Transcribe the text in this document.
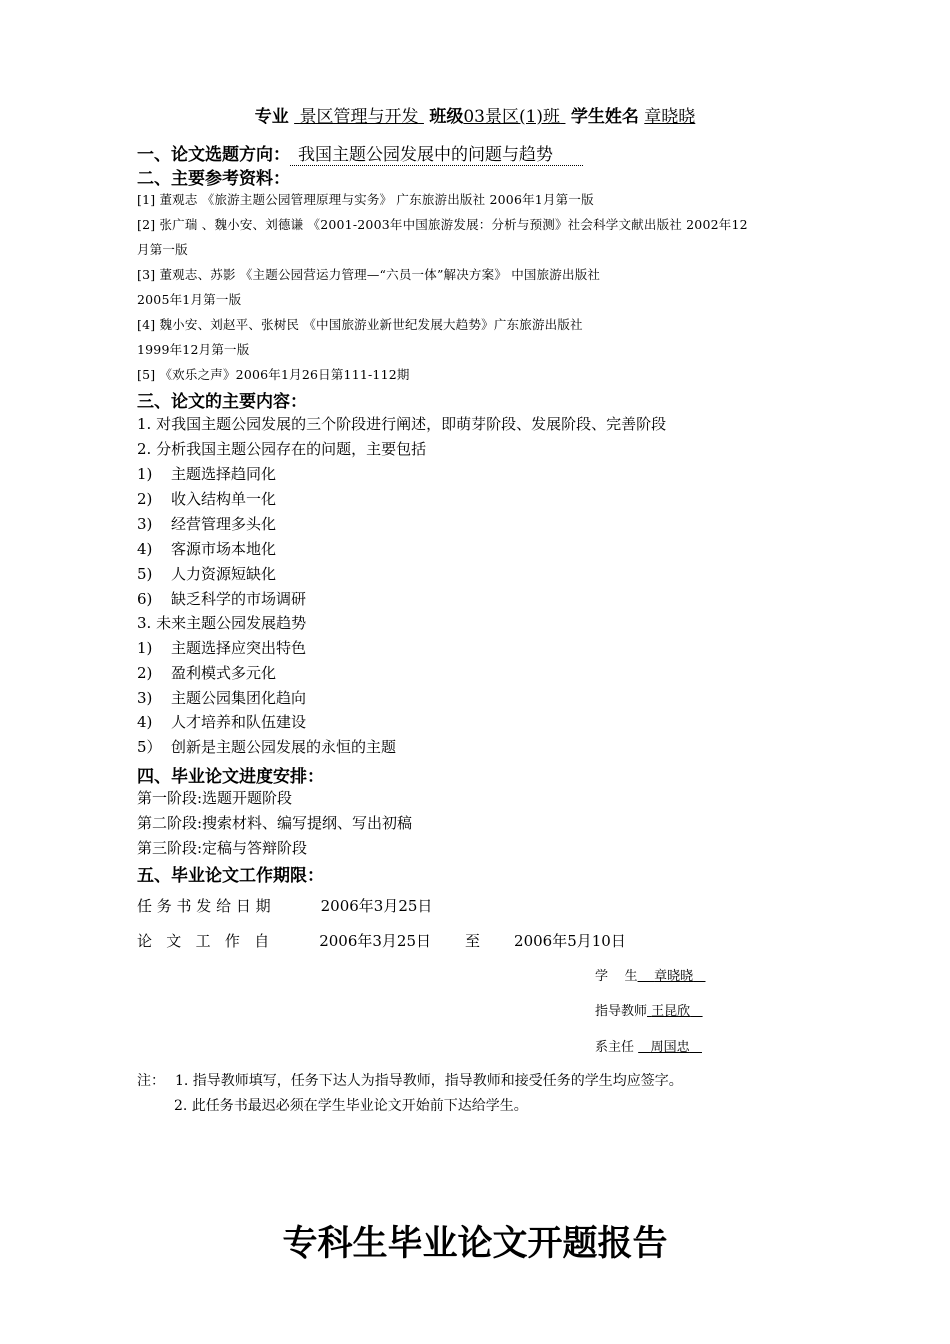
专业 景区管理与开发 班级03景区(1)班 学生姓名 章晓晓
一、论文选题方向： 我国主题公园发展中的问题与趋势
二、主要参考资料：
[1] 董观志 《旅游主题公园管理原理与实务》 广东旅游出版社 2006年1月第一版
[2] 张广瑞 、魏小安、刘德谦 《2001-2003年中国旅游发展：分析与预测》社会科学文献出版社 2002年12
月第一版
[3] 董观志、苏影 《主题公园营运力管理—“六员一体”解决方案》 中国旅游出版社
2005年1月第一版
[4] 魏小安、刘赵平、张树民 《中国旅游业新世纪发展大趋势》广东旅游出版社
1999年12月第一版
[5] 《欢乐之声》2006年1月26日第111-112期
三、论文的主要内容：
1. 对我国主题公园发展的三个阶段进行阐述，即萌芽阶段、发展阶段、完善阶段
2. 分析我国主题公园存在的问题，主要包括
1) 主题选择趋同化
2) 收入结构单一化
3) 经营管理多头化
4) 客源市场本地化
5) 人力资源短缺化
6) 缺乏科学的市场调研
3. 未来主题公园发展趋势
1) 主题选择应突出特色
2) 盈利模式多元化
3) 主题公园集团化趋向
4) 人才培养和队伍建设
5） 创新是主题公园发展的永恒的主题
四、毕业论文进度安排：
第一阶段:选题开题阶段
第二阶段:搜索材料、编写提纲、写出初稿
第三阶段:定稿与答辩阶段
五、毕业论文工作期限：
任 务 书 发 给 日 期	2006年3月25日
论   文   工   作   自	2006年3月25日 至 2006年5月10日
学    生 章晓晓
指导教师 王昆欣
系主任 周国忠
注： 1. 指导教师填写，任务下达人为指导教师，指导教师和接受任务的学生均应签字。
2. 此任务书最迟必须在学生毕业论文开始前下达给学生。
专科生毕业论文开题报告
